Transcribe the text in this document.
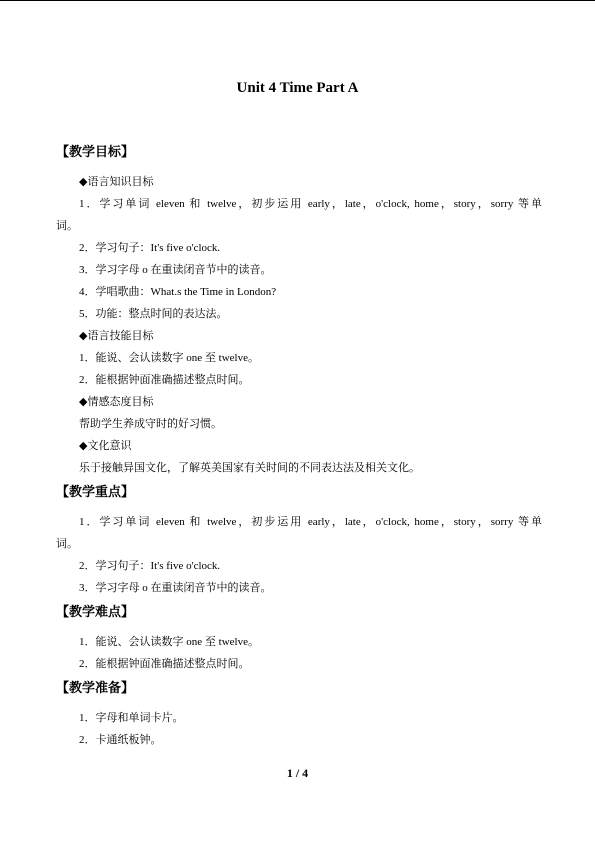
Unit 4 Time Part A
【教学目标】
◆语言知识目标
1．学习单词 eleven 和 twelve，初步运用 early，late，o'clock, home，story，sorry 等单
词。
2．学习句子：It's five o'clock.
3．学习字母 o 在重读闭音节中的读音。
4．学唱歌曲：What.s the Time in London?
5．功能：整点时间的表达法。
◆语言技能目标
1．能说、会认读数字 one 至 twelve。
2．能根据钟面准确描述整点时间。
◆情感态度目标
帮助学生养成守时的好习惯。
◆文化意识
乐于接触异国文化，了解英美国家有关时间的不同表达法及相关文化。
【教学重点】
1．学习单词 eleven 和 twelve，初步运用 early，late，o'clock, home，story，sorry 等单
词。
2．学习句子：It's five o'clock.
3．学习字母 o 在重读闭音节中的读音。
【教学难点】
1．能说、会认读数字 one 至 twelve。
2．能根据钟面准确描述整点时间。
【教学准备】
1．字母和单词卡片。
2．卡通纸板钟。
1 / 4
